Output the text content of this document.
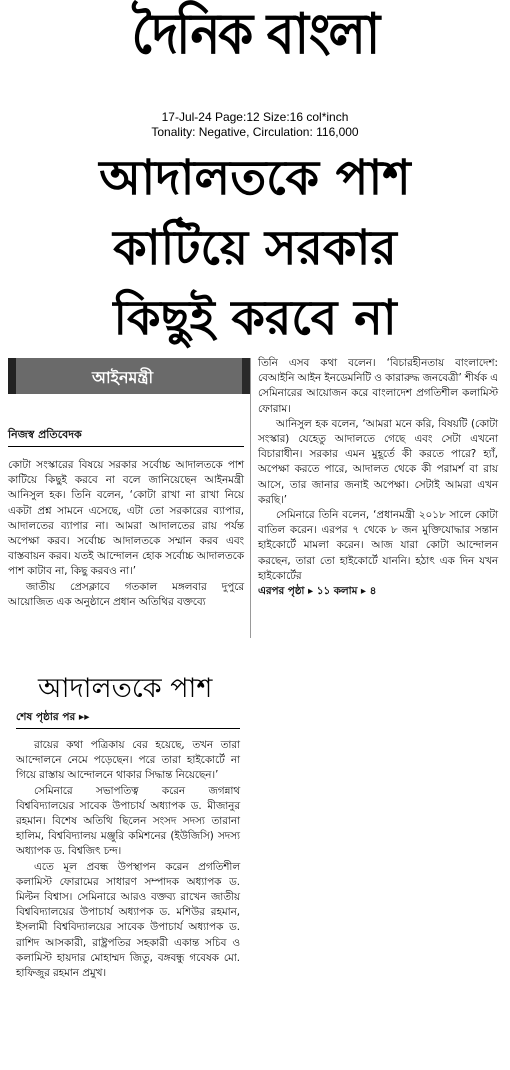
দৈনিক বাংলা
17-Jul-24 Page:12 Size:16 col*inch
Tonality: Negative, Circulation: 116,000
আদালতকে পাশ
কাটিয়ে সরকার
কিছুই করবে না
আইনমন্ত্রী
নিজস্ব প্রতিবেদক

কোটা সংস্কারের বিষয়ে সরকার সর্বোচ্চ আদালতকে পাশ কাটিয়ে কিছুই করবে না বলে জানিয়েছেন আইনমন্ত্রী আনিসুল হক। তিনি বলেন, ‘কোটা রাখা না রাখা নিয়ে একটা প্রশ্ন সামনে এসেছে, এটা তো সরকারের ব্যাপার, আদালতের ব্যাপার না। আমরা আদালতের রায় পর্যন্ত অপেক্ষা করব। সর্বোচ্চ আদালতকে সম্মান করব এবং বাস্তবায়ন করব। যতই আন্দোলন হোক সর্বোচ্চ আদালতকে পাশ কাটাব না, কিছু করবও না।’

জাতীয় প্রেসক্লাবে গতকাল মঙ্গলবার দুপুরে আয়োজিত এক অনুষ্ঠানে প্রধান অতিথির বক্তব্যে

তিনি এসব কথা বলেন। ‘বিচারহীনতায় বাংলাদেশ: বেআইনি আইন ইনডেমনিটি ও কারারুদ্ধ জনবেত্রী’ শীর্ষক এ সেমিনারের আয়োজন করে বাংলাদেশ প্রগতিশীল কলামিস্ট ফোরাম।

আনিসুল হক বলেন, ‘আমরা মনে করি, বিষয়টি (কোটা সংস্কার) যেহেতু আদালতে গেছে এবং সেটা এখনো বিচারাধীন। সরকার এমন মুহূর্তে কী করতে পারে? হ্যাঁ, অপেক্ষা করতে পারে, আদালত থেকে কী পরামর্শ বা রায় আসে, তার জানার জনাই অপেক্ষা। সেটাই আমরা এখন করছি।’

সেমিনারে তিনি বলেন, ‘প্রধানমন্ত্রী ২০১৮ সালে কোটা বাতিল করেন। এরপর ৭ থেকে ৮ জন মুক্তিযোদ্ধার সন্তান হাইকোর্টে মামলা করেন। আজ যারা কোটা আন্দোলন করছেন, তারা তো হাইকোর্টে যাননি। হঠাৎ এক দিন যখন হাইকোর্টের

এরপর পৃষ্ঠা ▸ ১১ কলাম ▸ ৪
আদালতকে পাশ
শেষ পৃষ্ঠার পর ▸▸

রায়ের কথা পত্রিকায় বের হয়েছে, তখন তারা আন্দোলনে নেমে পড়েছেন। পরে তারা হাইকোর্টে না গিয়ে রাস্তায় আন্দোলনে থাকার সিদ্ধান্ত নিয়েছেন।’

সেমিনারে সভাপতিত্ব করেন জগন্নাথ বিশ্ববিদ্যালয়ের সাবেক উপাচার্য অধ্যাপক ড. মীজানুর রহমান। বিশেষ অতিথি ছিলেন সংসদ সদস্য তারানা হালিম, বিশ্ববিদ্যালয় মঞ্জুরি কমিশনের (ইউজিসি) সদস্য অধ্যাপক ড. বিশ্বজিৎ চন্দ।

এতে মূল প্রবন্ধ উপস্থাপন করেন প্রগতিশীল কলামিস্ট ফোরামের সাধারণ সম্পাদক অধ্যাপক ড. মিল্টন বিশ্বাস। সেমিনারে আরও বক্তব্য রাখেন জাতীয় বিশ্ববিদ্যালয়ের উপাচার্য অধ্যাপক ড. মশিউর রহমান, ইসলামী বিশ্ববিদ্যালয়ের সাবেক উপাচার্য অধ্যাপক ড. রাশিদ আসকারী, রাষ্ট্রপতির সহকারী একান্ত সচিব ও কলামিস্ট হায়দার মোহাম্মদ জিতু, বঙ্গবন্ধু গবেষক মো. হাফিজুর রহমান প্রমুখ।
